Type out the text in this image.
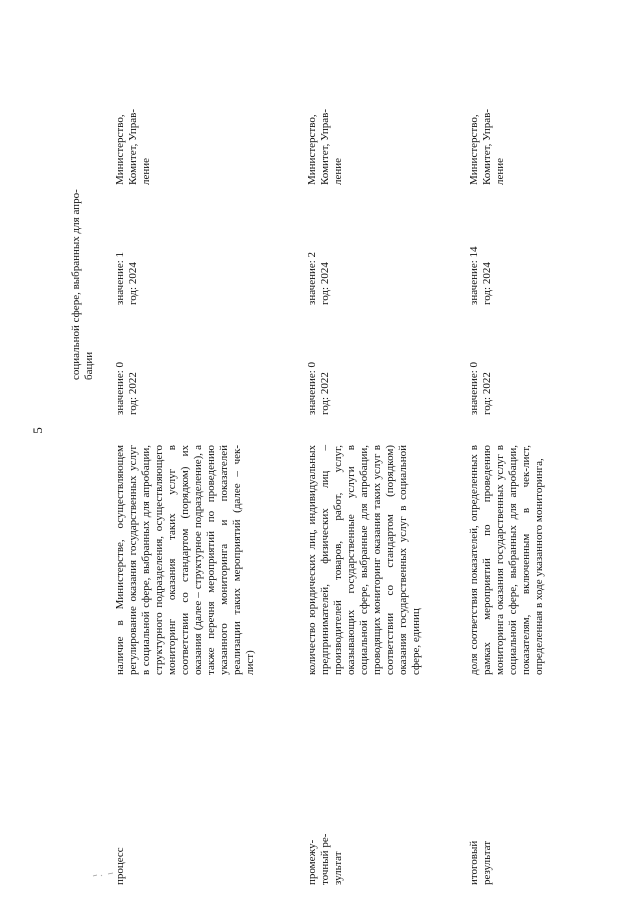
5
социальной сфере, выбранных для апро- бации
процесс
наличие в Министерстве, осуществляющем регулирование оказания государственных услуг в социальной сфере, выбранных для апробации, структурного подразделения, осуществляющего мониторинг оказания таких услуг в соответствии со стандартом (порядком) их оказания (далее – структурное подразделение), а также перечня мероприятий по проведению указанного мониторинга и показателей реализации таких мероприятий (далее – чек-лист)
значение: 0 год: 2022
значение: 1 год: 2024
Министерство, Комитет, Управ- ление
промежу- точный ре- зультат
количество юридических лиц, индивидуальных предпринимателей, физических лиц – производителей товаров, работ, услуг, оказывающих государственные услуги в социальной сфере, выбранные для апробации, проводящих мониторинг оказания таких услуг в соответствии со стандартом (порядком) оказания государственных услуг в социальной сфере, единиц
значение: 0 год: 2022
значение: 2 год: 2024
Министерство, Комитет, Управ- ление
итоговый результат
доля соответствия показателей, определенных в рамках мероприятий по проведению мониторинга оказания государственных услуг в социальной сфере, выбранных для апробации, показателям, включенным в чек-лист, определенная в ходе указанного мониторинга,
значение: 0 год: 2022
значение: 14 год: 2024
Министерство, Комитет, Управ- ление
